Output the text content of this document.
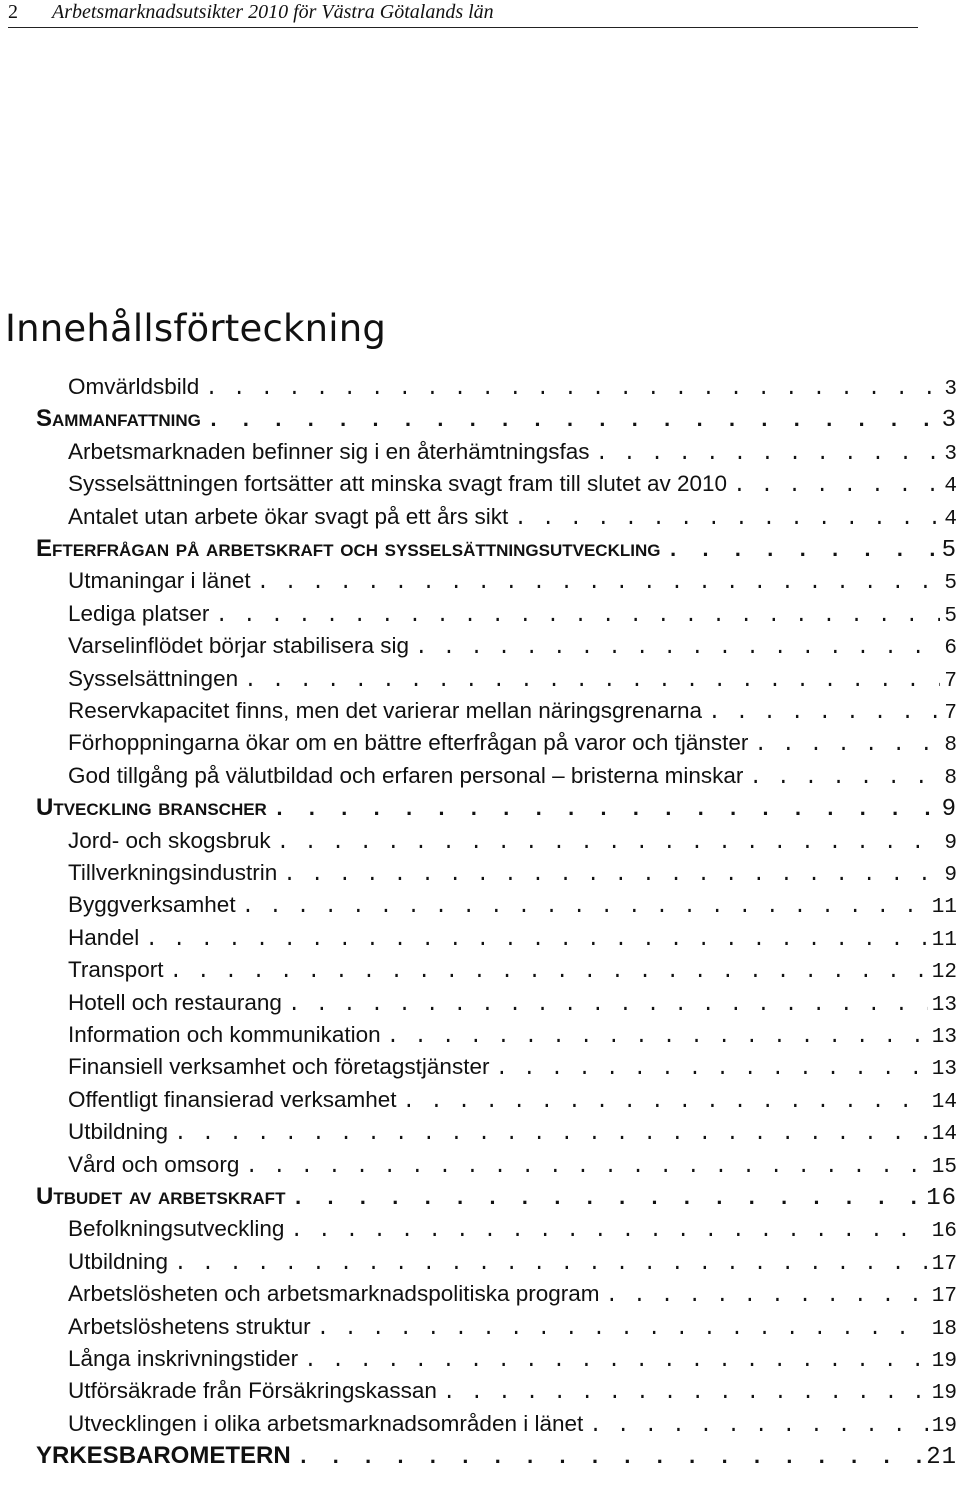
2 Arbetsmarknadsutsikter 2010 för Västra Götalands län
Innehållsförteckning
Omvärldsbild . . .	3
Sammanfattning . . .	3
Arbetsmarknaden befinner sig i en återhämtningsfas . . .	3
Sysselsättningen fortsätter att minska svagt fram till slutet av 2010 . . .	4
Antalet utan arbete ökar svagt på ett års sikt . . .	4
Efterfrågan på arbetskraft och sysselsättningsutveckling . . .	5
Utmaningar i länet . . .	5
Lediga platser . . .	5
Varselinflödet börjar stabilisera sig . . .	6
Sysselsättningen . . .	7
Reservkapacitet finns, men det varierar mellan näringsgrenarna . . .	7
Förhoppningarna ökar om en bättre efterfrågan på varor och tjänster . . .	8
God tillgång på välutbildad och erfaren personal – bristerna minskar . . .	8
Utveckling branscher . . .	9
Jord- och skogsbruk . . .	9
Tillverkningsindustrin . . .	9
Byggverksamhet . . .	11
Handel . . .	11
Transport . . .	12
Hotell och restaurang . . .	13
Information och kommunikation . . .	13
Finansiell verksamhet och företagstjänster . . .	13
Offentligt finansierad verksamhet . . .	14
Utbildning . . .	14
Vård och omsorg . . .	15
Utbudet av arbetskraft . . .	16
Befolkningsutveckling . . .	16
Utbildning . . .	17
Arbetslösheten och arbetsmarknadspolitiska program . . .	17
Arbetslöshetens struktur . . .	18
Långa inskrivningstider . . .	19
Utförsäkrade från Försäkringskassan . . .	19
Utvecklingen i olika arbetsmarknadsområden i länet . . .	19
YRKESBAROMETERN . . .	21
